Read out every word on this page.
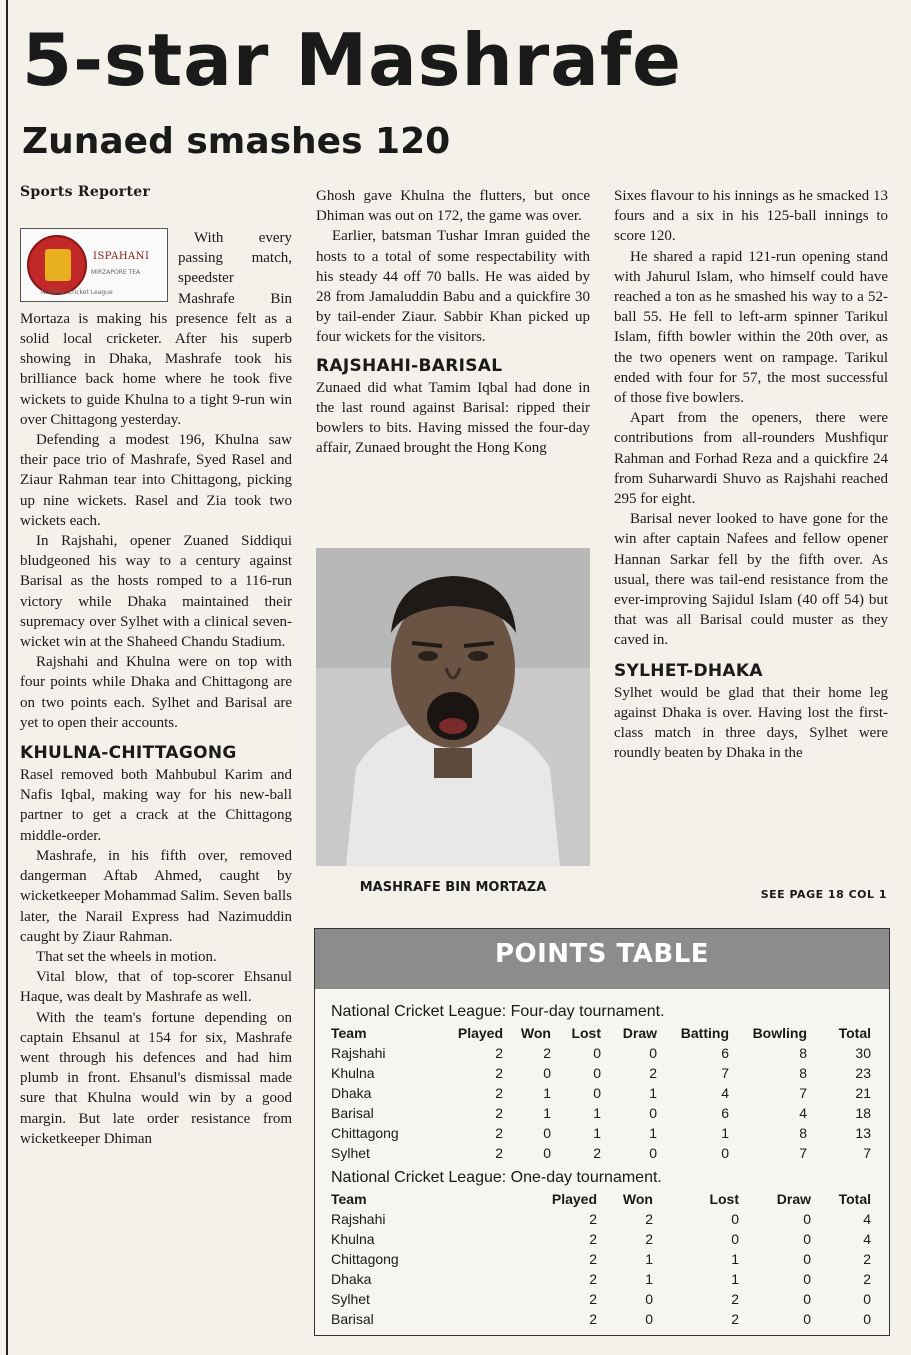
5-star Mashrafe
Zunaed smashes 120
Sports Reporter

With every passing match, speedster Mashrafe Bin Mortaza is making his presence felt as a solid local cricketer. After his superb showing in Dhaka, Mashrafe took his brilliance back home where he took five wickets to guide Khulna to a tight 9-run win over Chittagong yesterday.

Defending a modest 196, Khulna saw their pace trio of Mashrafe, Syed Rasel and Ziaur Rahman tear into Chittagong, picking up nine wickets. Rasel and Zia took two wickets each.

In Rajshahi, opener Zuaned Siddiqui bludgeoned his way to a century against Barisal as the hosts romped to a 116-run victory while Dhaka maintained their supremacy over Sylhet with a clinical seven-wicket win at the Shaheed Chandu Stadium.

Rajshahi and Khulna were on top with four points while Dhaka and Chittagong are on two points each. Sylhet and Barisal are yet to open their accounts.

KHULNA-CHITTAGONG

Rasel removed both Mahbubul Karim and Nafis Iqbal, making way for his new-ball partner to get a crack at the Chittagong middle-order.

Mashrafe, in his fifth over, removed dangerman Aftab Ahmed, caught by wicketkeeper Mohammad Salim. Seven balls later, the Narail Express had Nazimuddin caught by Ziaur Rahman.

That set the wheels in motion.

Vital blow, that of top-scorer Ehsanul Haque, was dealt by Mashrafe as well.

With the team's fortune depending on captain Ehsanul at 154 for six, Mashrafe went through his defences and had him plumb in front. Ehsanul's dismissal made sure that Khulna would win by a good margin. But late order resistance from wicketkeeper Dhiman

ISPAHANI
MIRZAPORE TEA
National Cricket League

Ghosh gave Khulna the flutters, but once Dhiman was out on 172, the game was over.

Earlier, batsman Tushar Imran guided the hosts to a total of some respectability with his steady 44 off 70 balls. He was aided by 28 from Jamaluddin Babu and a quickfire 30 by tail-ender Ziaur. Sabbir Khan picked up four wickets for the visitors.

RAJSHAHI-BARISAL

Zunaed did what Tamim Iqbal had done in the last round against Barisal: ripped their bowlers to bits. Having missed the four-day affair, Zunaed brought the Hong Kong

MASHRAFE BIN MORTAZA

Sixes flavour to his innings as he smacked 13 fours and a six in his 125-ball innings to score 120.

He shared a rapid 121-run opening stand with Jahurul Islam, who himself could have reached a ton as he smashed his way to a 52-ball 55. He fell to left-arm spinner Tarikul Islam, fifth bowler within the 20th over, as the two openers went on rampage. Tarikul ended with four for 57, the most successful of those five bowlers.

Apart from the openers, there were contributions from all-rounders Mushfiqur Rahman and Forhad Reza and a quickfire 24 from Suharwardi Shuvo as Rajshahi reached 295 for eight.

Barisal never looked to have gone for the win after captain Nafees and fellow opener Hannan Sarkar fell by the fifth over. As usual, there was tail-end resistance from the ever-improving Sajidul Islam (40 off 54) but that was all Barisal could muster as they caved in.

SYLHET-DHAKA

Sylhet would be glad that their home leg against Dhaka is over. Having lost the first-class match in three days, Sylhet were roundly beaten by Dhaka in the

SEE PAGE 18 COL 1
POINTS TABLE

National Cricket League: Four-day tournament.

Team	Played	Won	Lost	Draw	Batting	Bowling	Total
Rajshahi	2	2	0	0	6	8	30
Khulna	2	0	0	2	7	8	23
Dhaka	2	1	0	1	4	7	21
Barisal	2	1	1	0	6	4	18
Chittagong	2	0	1	1	1	8	13
Sylhet	2	0	2	0	0	7	7

National Cricket League: One-day tournament.

Team	Played	Won	Lost	Draw	Total
Rajshahi	2	2	0	0	4
Khulna	2	2	0	0	4
Chittagong	2	1	1	0	2
Dhaka	2	1	1	0	2
Sylhet	2	0	2	0	0
Barisal	2	0	2	0	0
